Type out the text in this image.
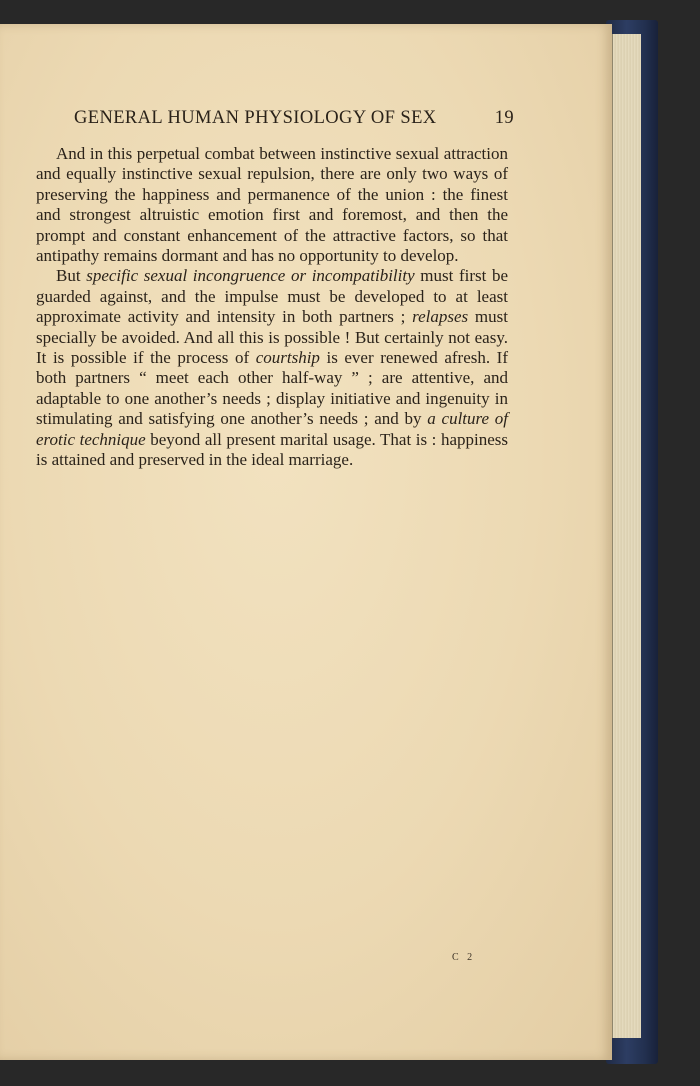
GENERAL HUMAN PHYSIOLOGY OF SEX	19

And in this perpetual combat between instinctive sexual attraction and equally instinctive sexual repulsion, there are only two ways of preserving the happiness and permanence of the union : the finest and strongest altruistic emotion first and foremost, and then the prompt and constant enhancement of the attractive factors, so that antipathy remains dormant and has no opportunity to develop.

But specific sexual incongruence or incompatibility must first be guarded against, and the impulse must be developed to at least approximate activity and intensity in both partners ; relapses must specially be avoided. And all this is possible ! But certainly not easy. It is possible if the process of courtship is ever renewed afresh. If both partners “ meet each other half-way ” ; are attentive, and adaptable to one another’s needs ; display initiative and ingenuity in stimulating and satisfying one another’s needs ; and by a culture of erotic technique beyond all present marital usage. That is : happiness is attained and preserved in the ideal marriage.

C 2
